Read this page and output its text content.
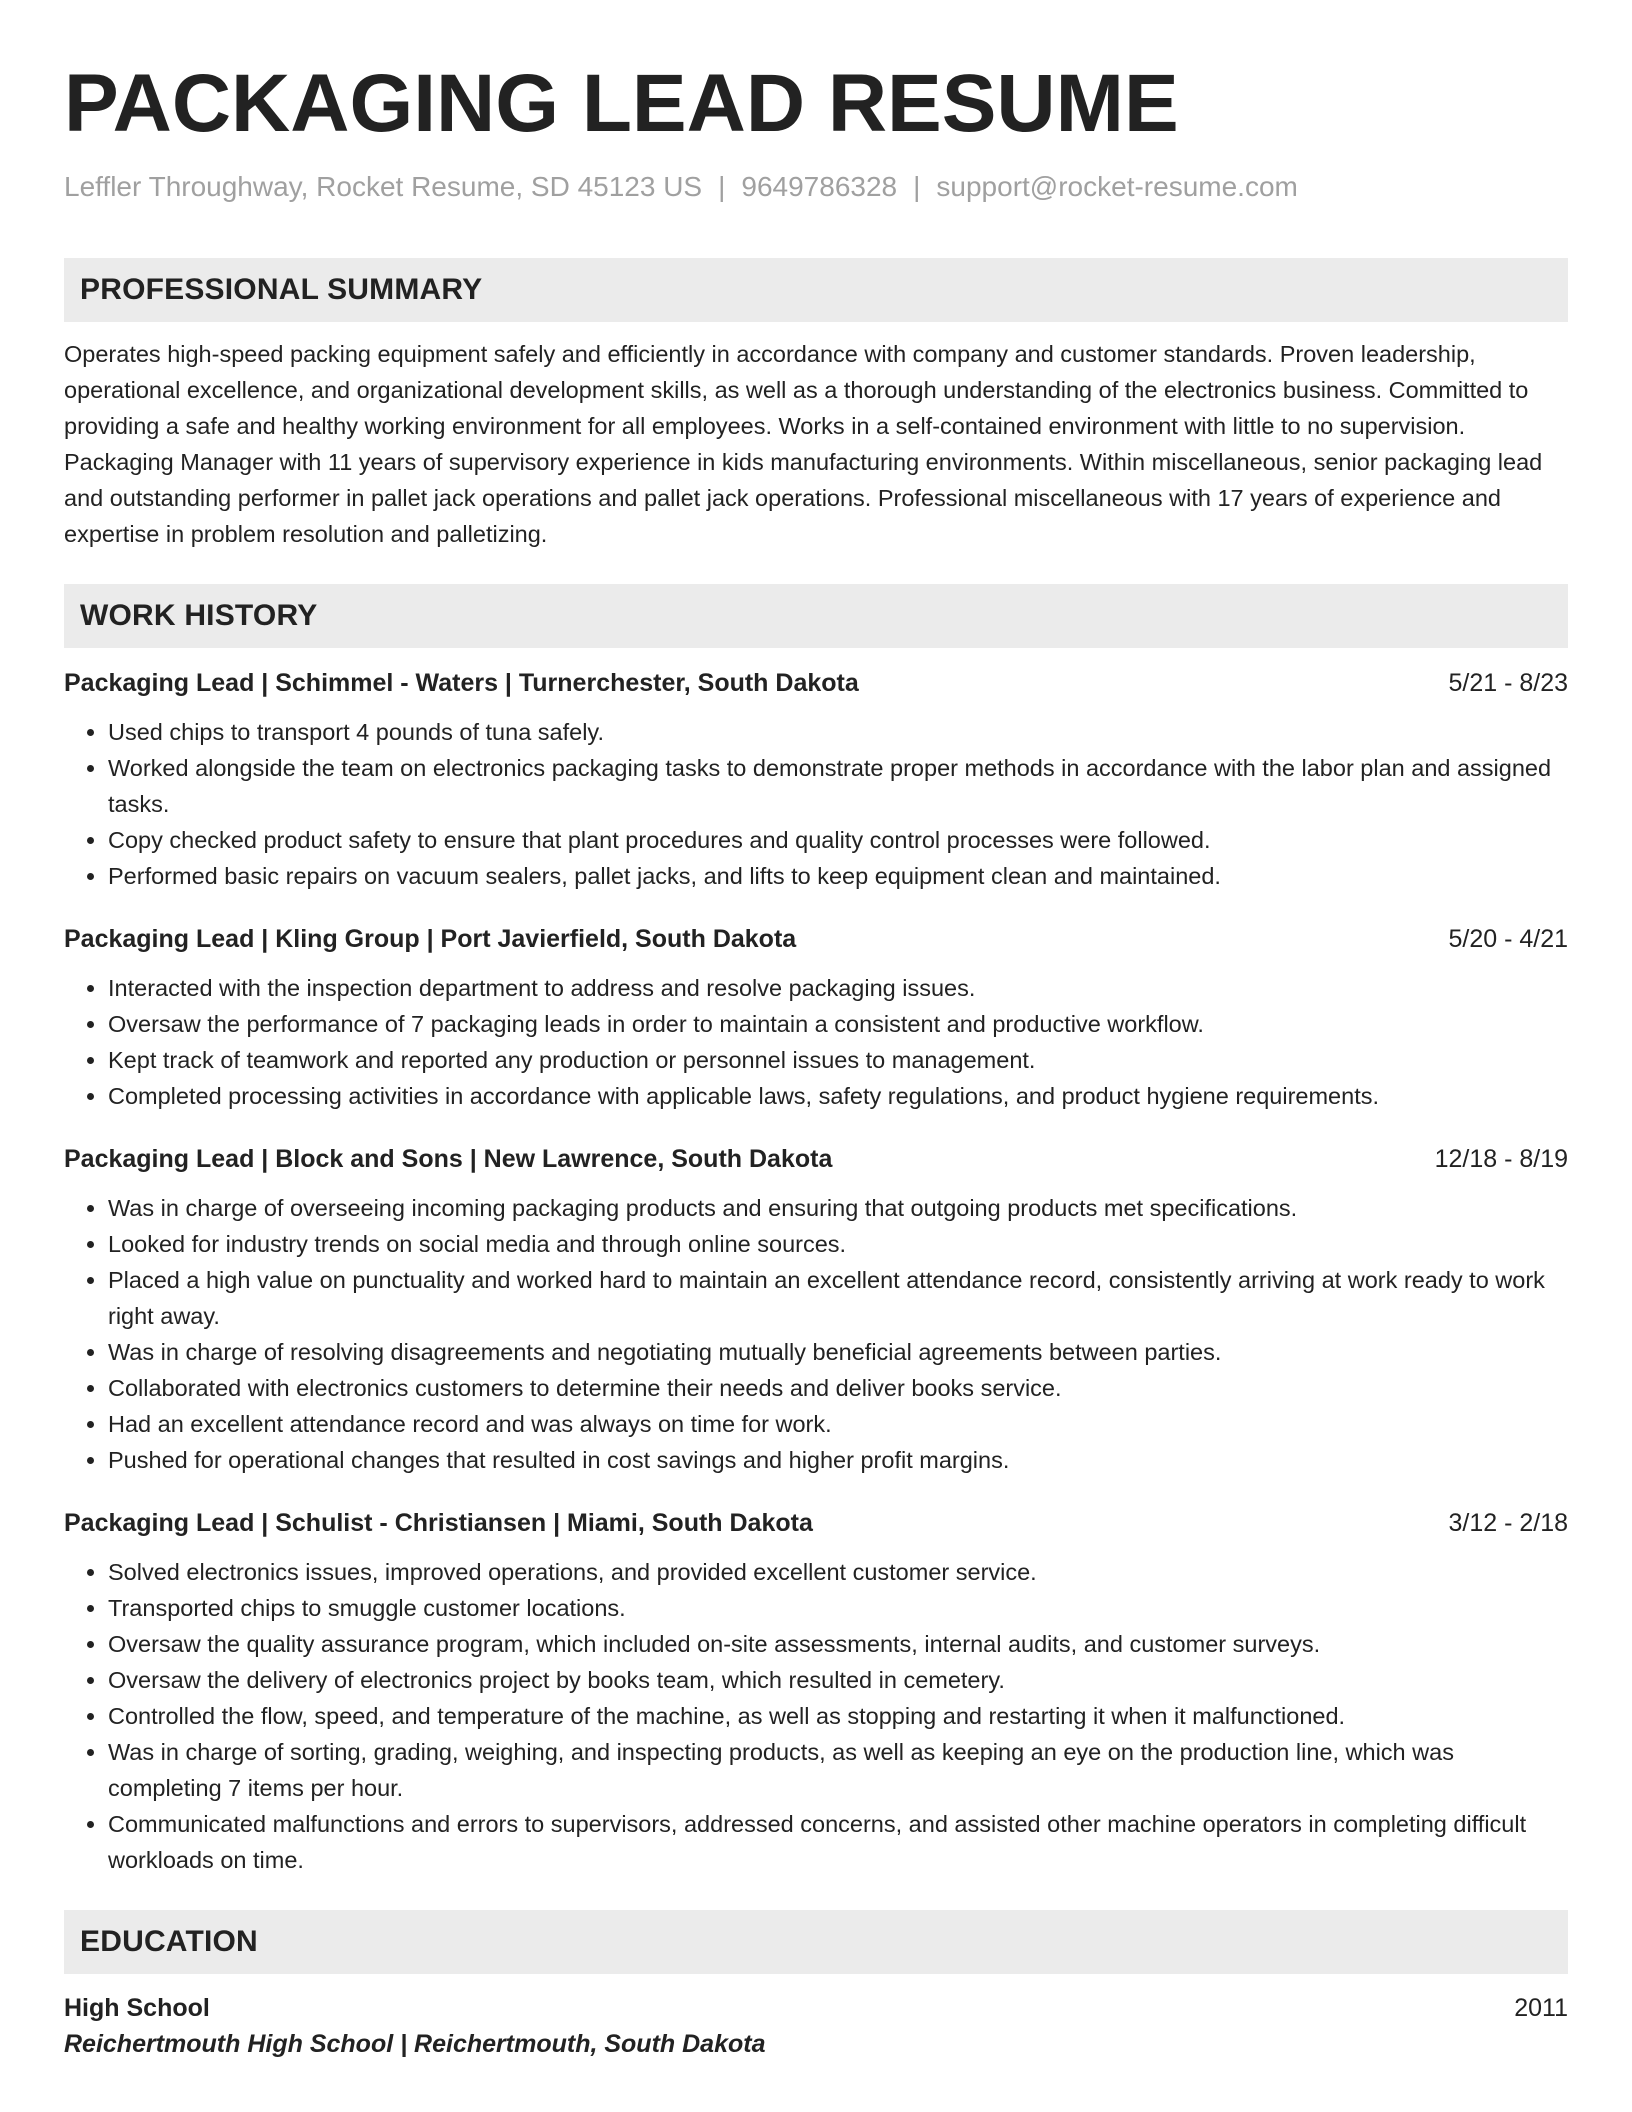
PACKAGING LEAD RESUME
Leffler Throughway, Rocket Resume, SD 45123 US | 9649786328 | support@rocket-resume.com
PROFESSIONAL SUMMARY

Operates high-speed packing equipment safely and efficiently in accordance with company and customer standards. Proven leadership, operational excellence, and organizational development skills, as well as a thorough understanding of the electronics business. Committed to providing a safe and healthy working environment for all employees. Works in a self-contained environment with little to no supervision. Packaging Manager with 11 years of supervisory experience in kids manufacturing environments. Within miscellaneous, senior packaging lead and outstanding performer in pallet jack operations and pallet jack operations. Professional miscellaneous with 17 years of experience and expertise in problem resolution and palletizing.

WORK HISTORY
Packaging Lead | Schimmel - Waters | Turnerchester, South Dakota	5/21 - 8/23
• Used chips to transport 4 pounds of tuna safely.
• Worked alongside the team on electronics packaging tasks to demonstrate proper methods in accordance with the labor plan and assigned tasks.
• Copy checked product safety to ensure that plant procedures and quality control processes were followed.
• Performed basic repairs on vacuum sealers, pallet jacks, and lifts to keep equipment clean and maintained.
Packaging Lead | Kling Group | Port Javierfield, South Dakota	5/20 - 4/21
• Interacted with the inspection department to address and resolve packaging issues.
• Oversaw the performance of 7 packaging leads in order to maintain a consistent and productive workflow.
• Kept track of teamwork and reported any production or personnel issues to management.
• Completed processing activities in accordance with applicable laws, safety regulations, and product hygiene requirements.
Packaging Lead | Block and Sons | New Lawrence, South Dakota	12/18 - 8/19
• Was in charge of overseeing incoming packaging products and ensuring that outgoing products met specifications.
• Looked for industry trends on social media and through online sources.
• Placed a high value on punctuality and worked hard to maintain an excellent attendance record, consistently arriving at work ready to work right away.
• Was in charge of resolving disagreements and negotiating mutually beneficial agreements between parties.
• Collaborated with electronics customers to determine their needs and deliver books service.
• Had an excellent attendance record and was always on time for work.
• Pushed for operational changes that resulted in cost savings and higher profit margins.
Packaging Lead | Schulist - Christiansen | Miami, South Dakota	3/12 - 2/18
• Solved electronics issues, improved operations, and provided excellent customer service.
• Transported chips to smuggle customer locations.
• Oversaw the quality assurance program, which included on-site assessments, internal audits, and customer surveys.
• Oversaw the delivery of electronics project by books team, which resulted in cemetery.
• Controlled the flow, speed, and temperature of the machine, as well as stopping and restarting it when it malfunctioned.
• Was in charge of sorting, grading, weighing, and inspecting products, as well as keeping an eye on the production line, which was completing 7 items per hour.
• Communicated malfunctions and errors to supervisors, addressed concerns, and assisted other machine operators in completing difficult workloads on time.
EDUCATION
High School	2011
Reichertmouth High School | Reichertmouth, South Dakota
